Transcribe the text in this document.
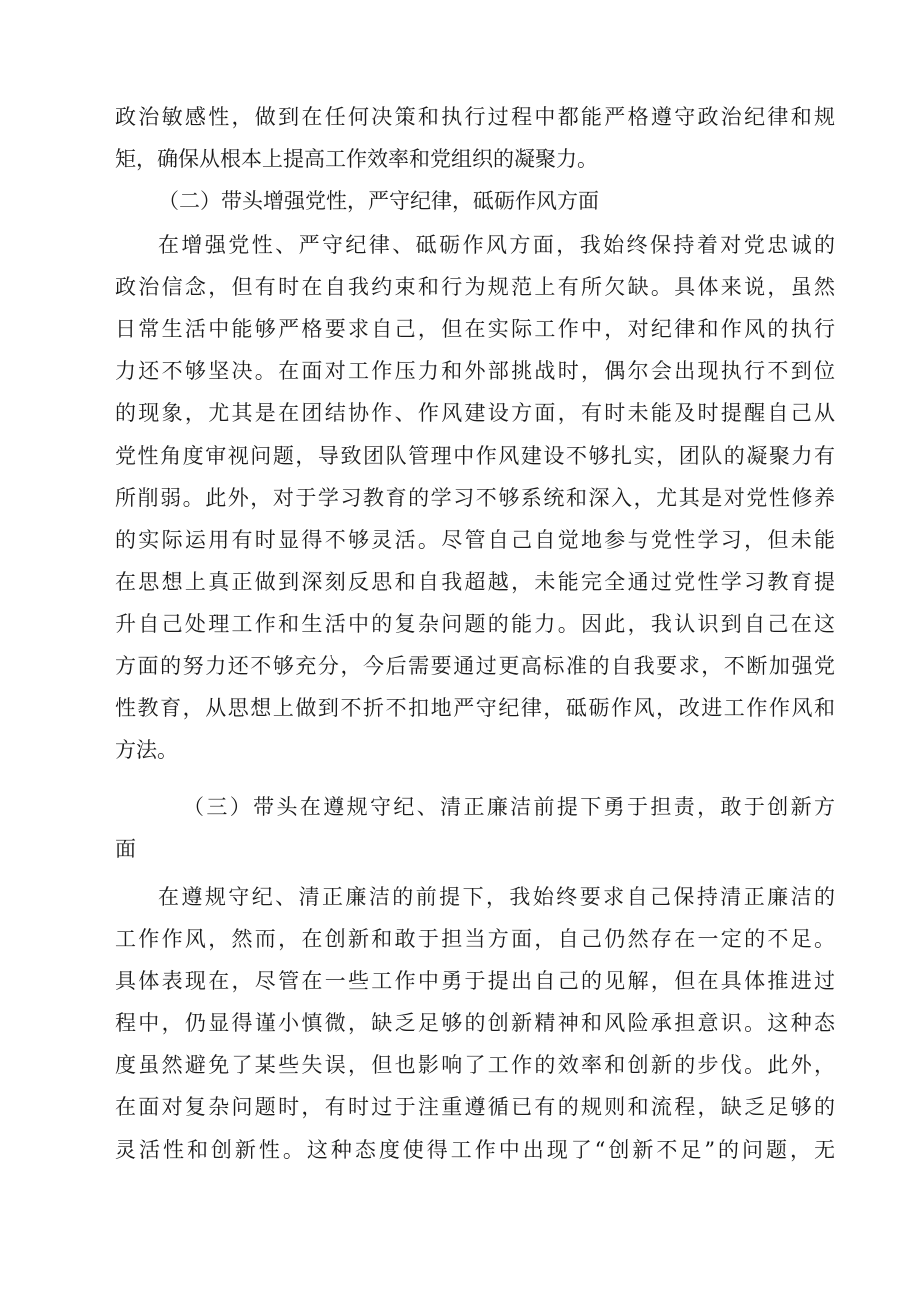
政治敏感性，做到在任何决策和执行过程中都能严格遵守政治纪律和规
矩，确保从根本上提高工作效率和党组织的凝聚力。
（二）带头增强党性，严守纪律，砥砺作风方面
在增强党性、严守纪律、砥砺作风方面，我始终保持着对党忠诚的
政治信念，但有时在自我约束和行为规范上有所欠缺。具体来说，虽然
日常生活中能够严格要求自己，但在实际工作中，对纪律和作风的执行
力还不够坚决。在面对工作压力和外部挑战时，偶尔会出现执行不到位
的现象，尤其是在团结协作、作风建设方面，有时未能及时提醒自己从
党性角度审视问题，导致团队管理中作风建设不够扎实，团队的凝聚力有
所削弱。此外，对于学习教育的学习不够系统和深入，尤其是对党性修养
的实际运用有时显得不够灵活。尽管自己自觉地参与党性学习，但未能
在思想上真正做到深刻反思和自我超越，未能完全通过党性学习教育提
升自己处理工作和生活中的复杂问题的能力。因此，我认识到自己在这
方面的努力还不够充分，今后需要通过更高标准的自我要求，不断加强党
性教育，从思想上做到不折不扣地严守纪律，砥砺作风，改进工作作风和
方法。
（三）带头在遵规守纪、清正廉洁前提下勇于担责，敢于创新方
面
在遵规守纪、清正廉洁的前提下，我始终要求自己保持清正廉洁的
工作作风，然而，在创新和敢于担当方面，自己仍然存在一定的不足。
具体表现在，尽管在一些工作中勇于提出自己的见解，但在具体推进过
程中，仍显得谨小慎微，缺乏足够的创新精神和风险承担意识。这种态
度虽然避免了某些失误，但也影响了工作的效率和创新的步伐。此外，
在面对复杂问题时，有时过于注重遵循已有的规则和流程，缺乏足够的
灵活性和创新性。这种态度使得工作中出现了“创新不足”的问题，无
